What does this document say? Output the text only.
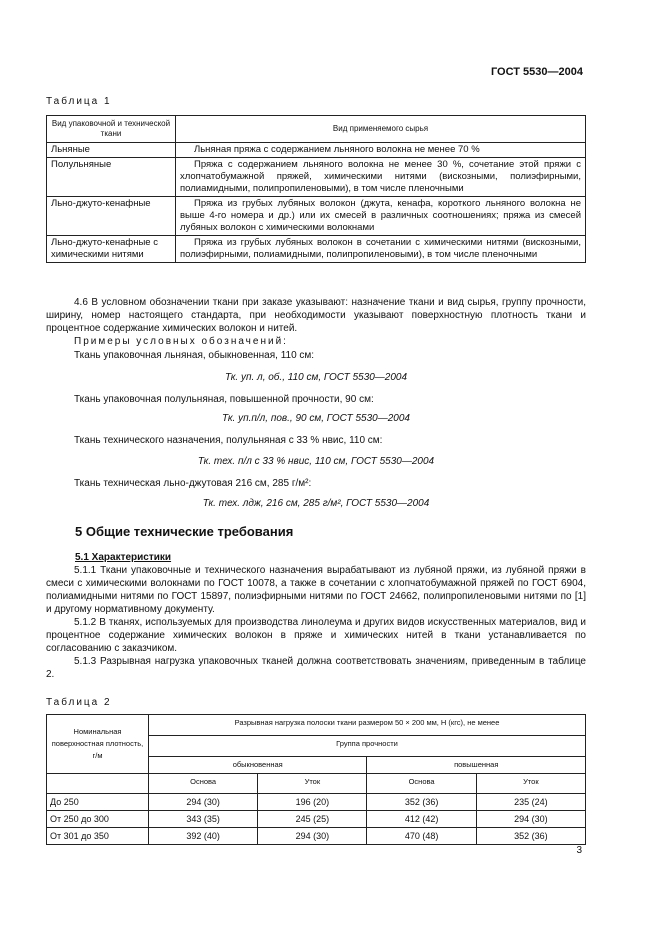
ГОСТ 5530—2004
Таблица 1
Вид упаковочной и технической ткани	Вид применяемого сырья
Льняные	Льняная пряжа с содержанием льняного волокна не менее 70 %
Полульняные	Пряжа с содержанием льняного волокна не менее 30 %, сочетание этой пряжи с хлопчатобумажной пряжей, химическими нитями (вискозными, полиэфирными, полиамидными, полипропиленовыми), в том числе пленочными
Льно-джуто-кенафные	Пряжа из грубых лубяных волокон (джута, кенафа, короткого льняного волокна не выше 4-го номера и др.) или их смесей в различных соотношениях; пряжа из смесей лубяных волокон с химическими волокнами
Льно-джуто-кенафные с химическими нитями	Пряжа из грубых лубяных волокон в сочетании с химическими нитями (вискозными, полиэфирными, полиамидными, полипропиленовыми), в том числе пленочными
4.6 В условном обозначении ткани при заказе указывают: назначение ткани и вид сырья, группу прочности, ширину, номер настоящего стандарта, при необходимости указывают поверхностную плотность ткани и процентное содержание химических волокон и нитей.
Примеры условных обозначений:
Ткань упаковочная льняная, обыкновенная, 110 см:
Тк. уп. л, об., 110 см, ГОСТ 5530—2004
Ткань упаковочная полульняная, повышенной прочности, 90 см:
Тк. уп.п/л, пов., 90 см, ГОСТ 5530—2004
Ткань технического назначения, полульняная с 33 % нвис, 110 см:
Тк. тех. п/л с 33 % нвис, 110 см, ГОСТ 5530—2004
Ткань техническая льно-джутовая 216 см, 285 г/м²:
Тк. тех. лдж, 216 см, 285 г/м², ГОСТ 5530—2004
5 Общие технические требования
5.1 Характеристики
5.1.1 Ткани упаковочные и технического назначения вырабатывают из лубяной пряжи, из лубяной пряжи в смеси с химическими волокнами по ГОСТ 10078, а также в сочетании с хлопчатобумажной пряжей по ГОСТ 6904, полиамидными нитями по ГОСТ 15897, полиэфирными нитями по ГОСТ 24662, полипропиленовыми нитями по [1] и другому нормативному документу.
5.1.2 В тканях, используемых для производства линолеума и других видов искусственных материалов, вид и процентное содержание химических волокон в пряже и химических нитей в ткани устанавливается по согласованию с заказчиком.
5.1.3 Разрывная нагрузка упаковочных тканей должна соответствовать значениям, приведенным в таблице 2.
Таблица 2
Номинальная поверхностная плотность, г/м	Разрывная нагрузка полоски ткани размером 50 × 200 мм, Н (кгс), не менее			
	Группа прочности			
	обыкновенная		повышенная	
	Основа	Уток	Основа	Уток
До 250	294 (30)	196 (20)	352 (36)	235 (24)
От 250 до 300	343 (35)	245 (25)	412 (42)	294 (30)
От 301 до 350	392 (40)	294 (30)	470 (48)	352 (36)
3
